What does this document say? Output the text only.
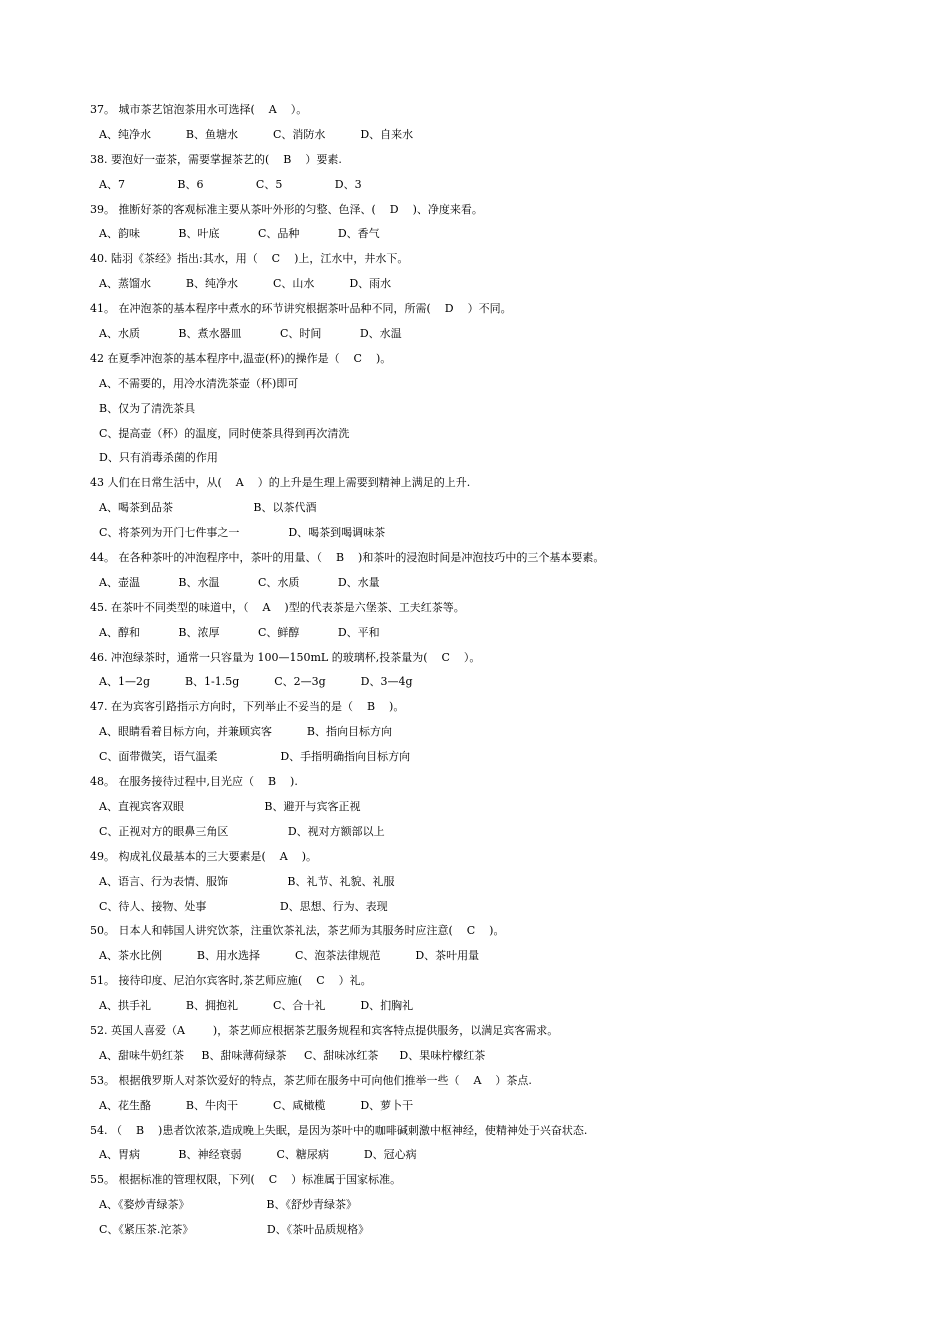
37。 城市茶艺馆泡茶用水可选择(    A    ）。
A、纯净水          B、鱼塘水          C、消防水          D、自来水
38. 要泡好一壶茶，需要掌握茶艺的(    B    ）要素.
A、7               B、6               C、5               D、3
39。 推断好茶的客观标准主要从茶叶外形的匀整、色泽、(    D    )、净度来看。
A、韵味           B、叶底           C、品种           D、香气
40. 陆羽《茶经》指出:其水，用（    C    )上，江水中，井水下。
A、蒸馏水          B、纯净水          C、山水          D、雨水
41。 在冲泡茶的基本程序中煮水的环节讲究根据茶叶品种不同，所需(    D    ）不同。
A、水质           B、煮水器皿           C、时间           D、水温
42 在夏季冲泡茶的基本程序中,温壶(杯)的操作是（    C    )。
A、不需要的，用冷水清洗茶壶（杯)即可
B、仅为了清洗茶具
C、提高壶（杯）的温度，同时使茶具得到再次清洗
D、只有消毒杀菌的作用
43 人们在日常生活中，从(    A    ）的上升是生理上需要到精神上满足的上升.
A、喝茶到品茶                       B、以茶代酒
C、将茶列为开门七件事之一              D、喝茶到喝调味茶
44。 在各种茶叶的冲泡程序中，茶叶的用量、（    B    )和茶叶的浸泡时间是冲泡技巧中的三个基本要素。
A、壶温           B、水温           C、水质           D、水量
45. 在茶叶不同类型的味道中，（    A    )型的代表茶是六堡茶、工夫红茶等。
A、醇和           B、浓厚           C、鲜醇           D、平和
46. 冲泡绿茶时，通常一只容量为 100—150mL 的玻璃杯,投茶量为(    C    ）。
A、1—2g          B、1-1.5g          C、2—3g          D、3—4g
47. 在为宾客引路指示方向时，下列举止不妥当的是（    B    )。
A、眼睛看着目标方向，并兼顾宾客          B、指向目标方向
C、面带微笑，语气温柔                  D、手指明确指向目标方向
48。 在服务接待过程中,目光应（    B    ).
A、直视宾客双眼                       B、避开与宾客正视
C、正视对方的眼鼻三角区                 D、视对方额部以上
49。 构成礼仪最基本的三大要素是(    A    )。
A、语言、行为表情、服饰                 B、礼节、礼貌、礼服
C、待人、接物、处事                     D、思想、行为、表现
50。 日本人和韩国人讲究饮茶，注重饮茶礼法，茶艺师为其服务时应注意(    C    )。
A、茶水比例          B、用水选择          C、泡茶法律规范          D、茶叶用量
51。 接待印度、尼泊尔宾客时,茶艺师应施(    C    ）礼。
A、拱手礼          B、拥抱礼          C、合十礼          D、扪胸礼
52. 英国人喜爱（A        )，茶艺师应根据茶艺服务规程和宾客特点提供服务，以满足宾客需求。
A、甜味牛奶红茶     B、甜味薄荷绿茶     C、甜味冰红茶      D、果味柠檬红茶
53。 根据俄罗斯人对茶饮爱好的特点，茶艺师在服务中可向他们推举一些（    A    ）茶点.
A、花生酪          B、牛肉干          C、咸橄榄          D、萝卜干
54. （    B    )患者饮浓茶,造成晚上失眠，是因为茶叶中的咖啡碱刺激中枢神经，使精神处于兴奋状态.
A、胃病           B、神经衰弱          C、糖尿病          D、冠心病
55。 根据标准的管理权限，下列(    C    ）标准属于国家标准。
A、《婺炒青绿茶》                      B、《舒炒青绿茶》
C、《紧压茶.沱茶》                     D、《茶叶品质规格》
